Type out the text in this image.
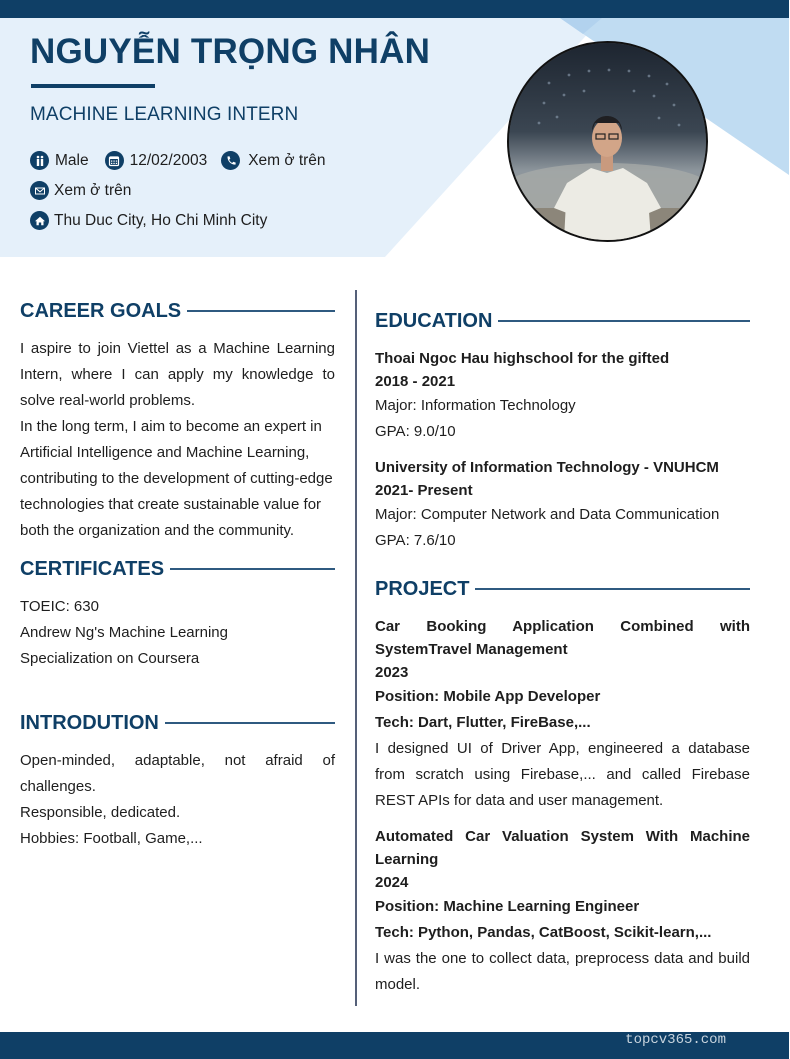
NGUYỄN TRỌNG NHÂN
MACHINE LEARNING INTERN
Male	12/02/2003	Xem ở trên
Xem ở trên
Thu Duc City, Ho Chi Minh City
CAREER GOALS

I aspire to join Viettel as a Machine Learning Intern, where I can apply my knowledge to solve real-world problems.

In the long term, I aim to become an expert in Artificial Intelligence and Machine Learning, contributing to the development of cutting-edge technologies that create sustainable value for both the organization and the community.

CERTIFICATES
TOEIC: 630
Andrew Ng's Machine Learning Specialization on Coursera
INTRODUTION
Open-minded, adaptable, not afraid of challenges.
Responsible, dedicated.
Hobbies: Football, Game,...
EDUCATION
Thoai Ngoc Hau highschool for the gifted
2018 - 2021
Major: Information Technology
GPA: 9.0/10
University of Information Technology - VNUHCM
2021- Present
Major: Computer Network and Data Communication
GPA: 7.6/10
PROJECT
Car Booking Application Combined with SystemTravel Management
2023
Position: Mobile App Developer
Tech: Dart, Flutter, FireBase,...
I designed UI of Driver App, engineered a database from scratch using Firebase,... and called Firebase REST APIs for data and user management.
Automated Car Valuation System With Machine Learning
2024
Position: Machine Learning Engineer
Tech: Python, Pandas, CatBoost, Scikit-learn,...
I was the one to collect data, preprocess data and build model.
topcv365.com
